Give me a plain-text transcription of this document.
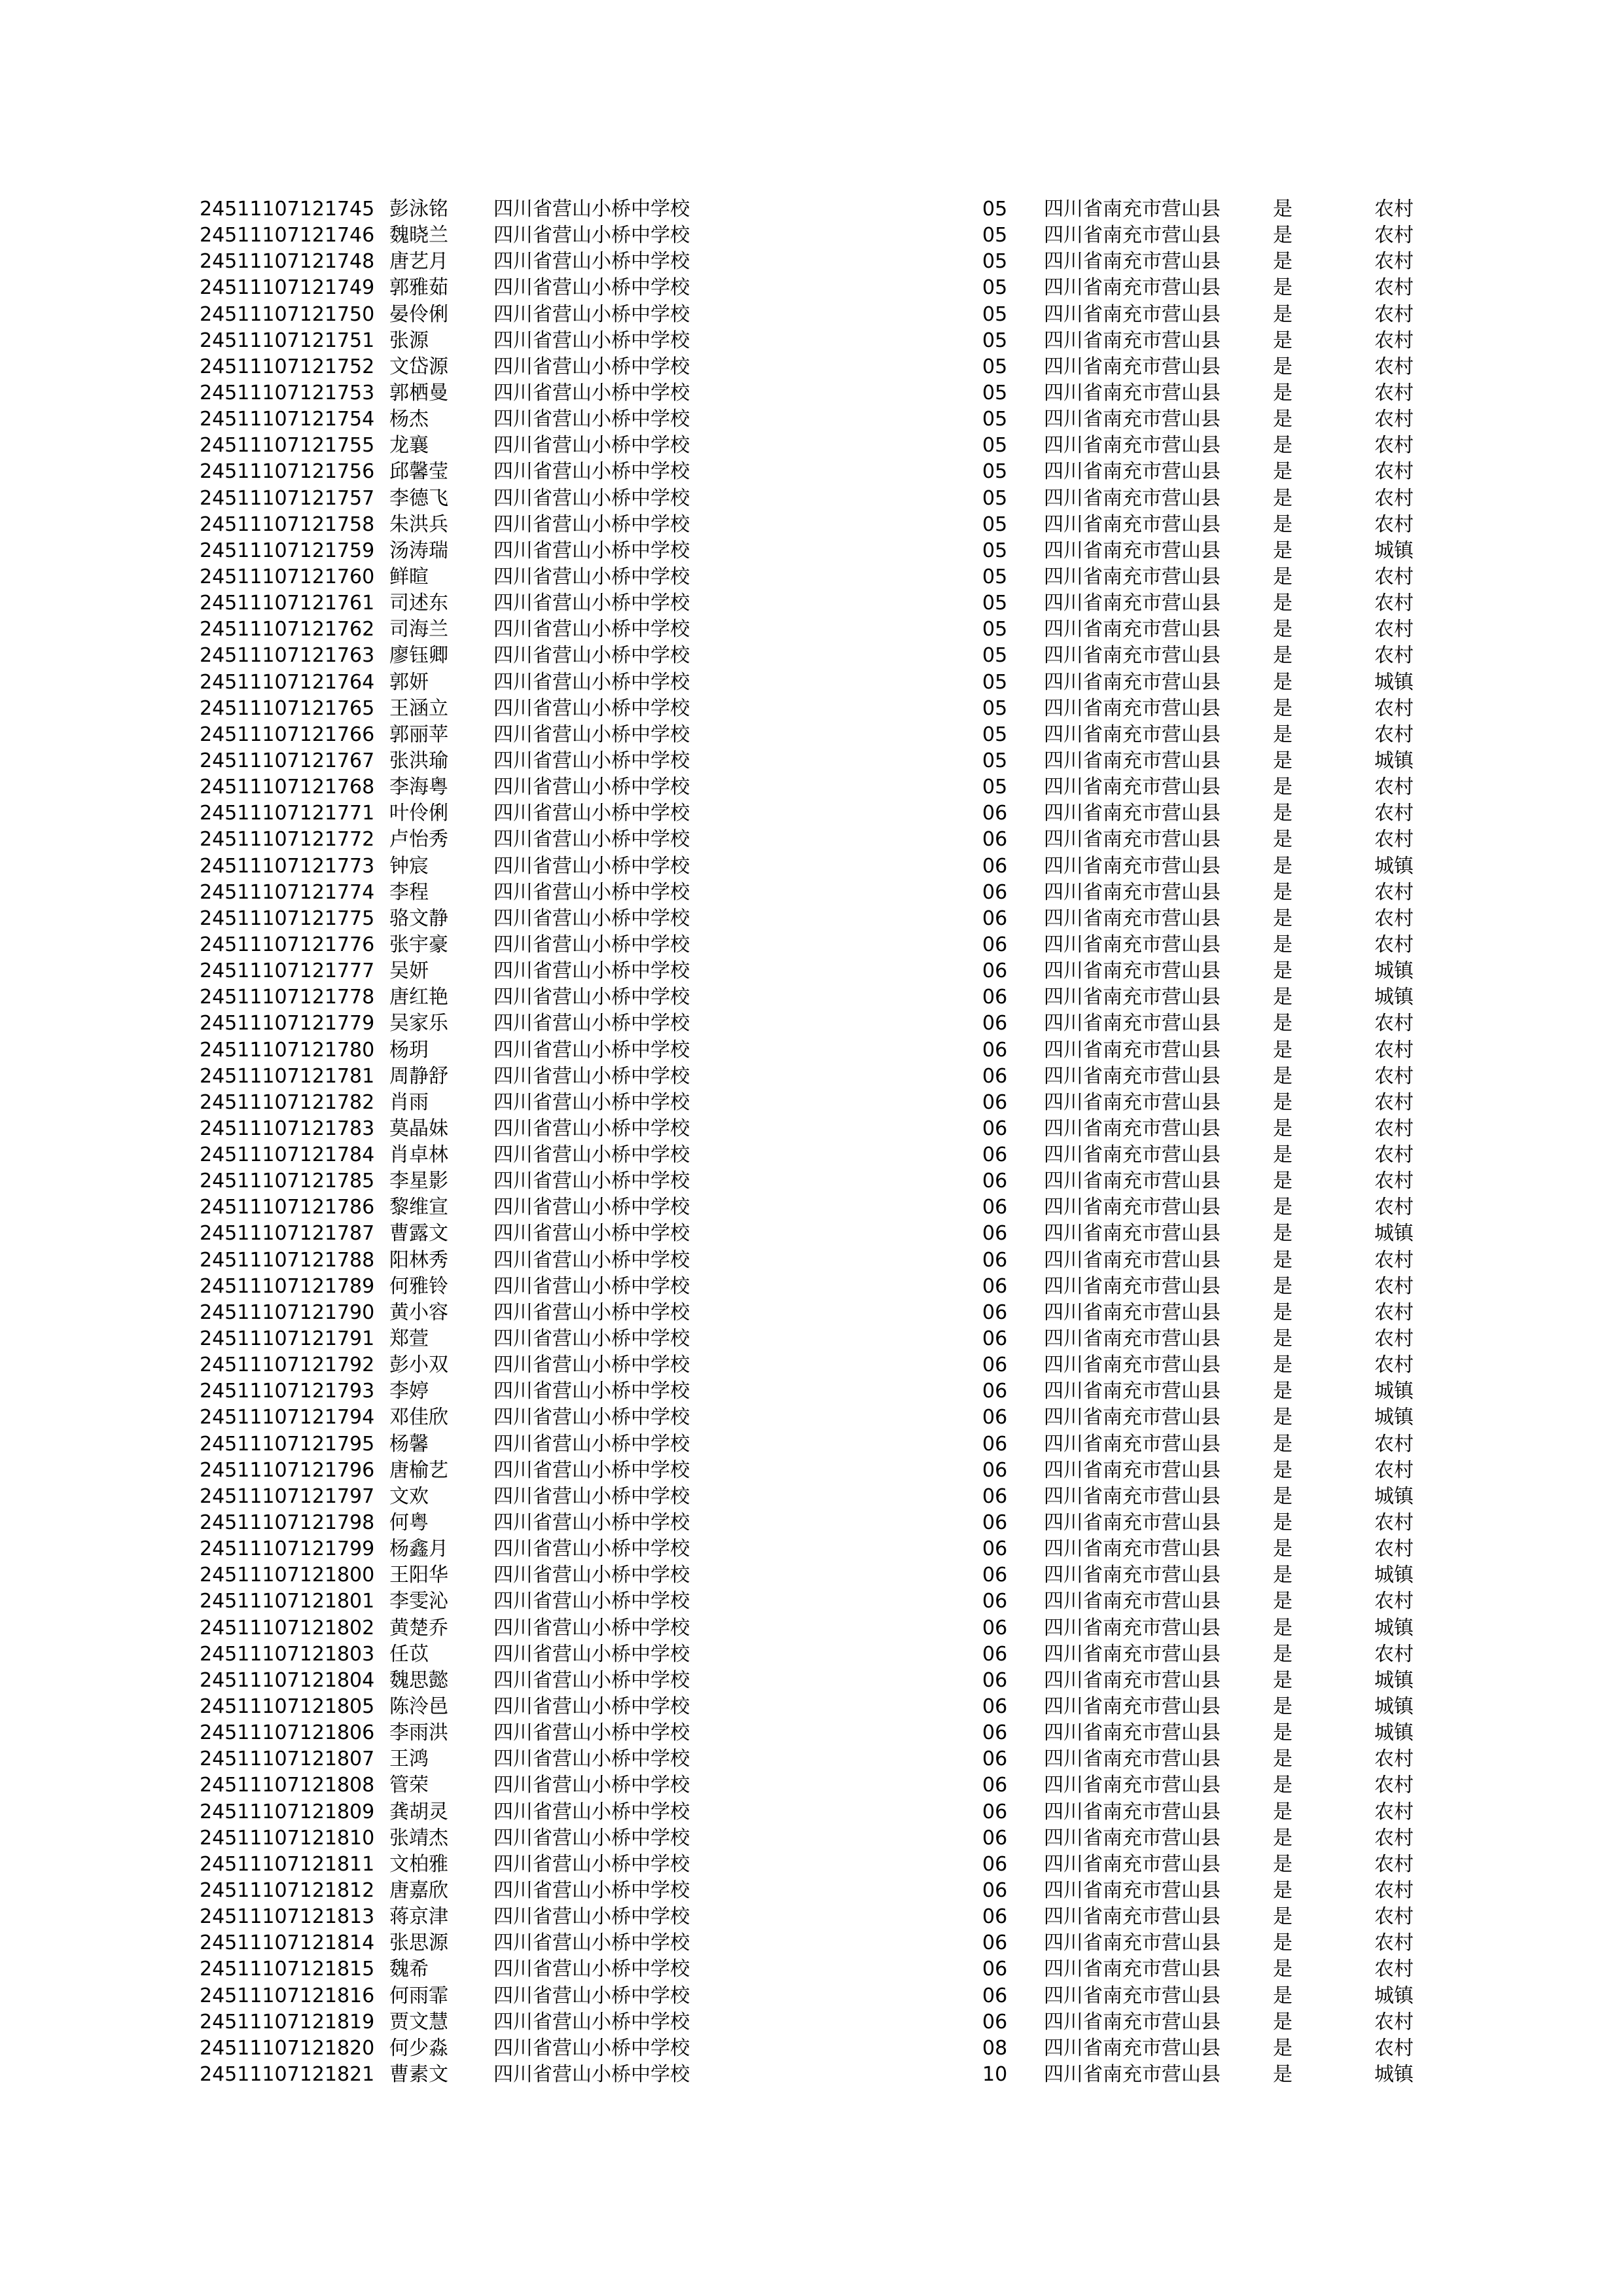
24511107121745 彭泳铭 四川省营山小桥中学校	05 四川省南充市营山县	是	农村
24511107121746 魏晓兰 四川省营山小桥中学校	05 四川省南充市营山县	是	农村
24511107121748 唐艺月 四川省营山小桥中学校	05 四川省南充市营山县	是	农村
24511107121749 郭雅茹 四川省营山小桥中学校	05 四川省南充市营山县	是	农村
24511107121750 晏伶俐 四川省营山小桥中学校	05 四川省南充市营山县	是	农村
24511107121751 张源	四川省营山小桥中学校	05 四川省南充市营山县	是	农村
24511107121752 文岱源 四川省营山小桥中学校	05 四川省南充市营山县	是	农村
24511107121753 郭栖曼 四川省营山小桥中学校	05 四川省南充市营山县	是	农村
24511107121754 杨杰	四川省营山小桥中学校	05 四川省南充市营山县	是	农村
24511107121755 龙襄	四川省营山小桥中学校	05 四川省南充市营山县	是	农村
24511107121756 邱馨莹 四川省营山小桥中学校	05 四川省南充市营山县	是	农村
24511107121757 李德飞 四川省营山小桥中学校	05 四川省南充市营山县	是	农村
24511107121758 朱洪兵 四川省营山小桥中学校	05 四川省南充市营山县	是	农村
24511107121759 汤涛瑞 四川省营山小桥中学校	05 四川省南充市营山县	是	城镇
24511107121760 鲜暄	四川省营山小桥中学校	05 四川省南充市营山县	是	农村
24511107121761 司述东 四川省营山小桥中学校	05 四川省南充市营山县	是	农村
24511107121762 司海兰 四川省营山小桥中学校	05 四川省南充市营山县	是	农村
24511107121763 廖钰卿 四川省营山小桥中学校	05 四川省南充市营山县	是	农村
24511107121764 郭妍	四川省营山小桥中学校	05 四川省南充市营山县	是	城镇
24511107121765 王涵立 四川省营山小桥中学校	05 四川省南充市营山县	是	农村
24511107121766 郭丽苹 四川省营山小桥中学校	05 四川省南充市营山县	是	农村
24511107121767 张洪瑜 四川省营山小桥中学校	05 四川省南充市营山县	是	城镇
24511107121768 李海粤 四川省营山小桥中学校	05 四川省南充市营山县	是	农村
24511107121771 叶伶俐 四川省营山小桥中学校	06 四川省南充市营山县	是	农村
24511107121772 卢怡秀 四川省营山小桥中学校	06 四川省南充市营山县	是	农村
24511107121773 钟宸	四川省营山小桥中学校	06 四川省南充市营山县	是	城镇
24511107121774 李程	四川省营山小桥中学校	06 四川省南充市营山县	是	农村
24511107121775 骆文静 四川省营山小桥中学校	06 四川省南充市营山县	是	农村
24511107121776 张宇豪 四川省营山小桥中学校	06 四川省南充市营山县	是	农村
24511107121777 吴妍	四川省营山小桥中学校	06 四川省南充市营山县	是	城镇
24511107121778 唐红艳 四川省营山小桥中学校	06 四川省南充市营山县	是	城镇
24511107121779 吴家乐 四川省营山小桥中学校	06 四川省南充市营山县	是	农村
24511107121780 杨玥	四川省营山小桥中学校	06 四川省南充市营山县	是	农村
24511107121781 周静舒 四川省营山小桥中学校	06 四川省南充市营山县	是	农村
24511107121782 肖雨	四川省营山小桥中学校	06 四川省南充市营山县	是	农村
24511107121783 莫晶妹 四川省营山小桥中学校	06 四川省南充市营山县	是	农村
24511107121784 肖卓林 四川省营山小桥中学校	06 四川省南充市营山县	是	农村
24511107121785 李星影 四川省营山小桥中学校	06 四川省南充市营山县	是	农村
24511107121786 黎维宣 四川省营山小桥中学校	06 四川省南充市营山县	是	农村
24511107121787 曹露文 四川省营山小桥中学校	06 四川省南充市营山县	是	城镇
24511107121788 阳林秀 四川省营山小桥中学校	06 四川省南充市营山县	是	农村
24511107121789 何雅铃 四川省营山小桥中学校	06 四川省南充市营山县	是	农村
24511107121790 黄小容 四川省营山小桥中学校	06 四川省南充市营山县	是	农村
24511107121791 郑萱	四川省营山小桥中学校	06 四川省南充市营山县	是	农村
24511107121792 彭小双 四川省营山小桥中学校	06 四川省南充市营山县	是	农村
24511107121793 李婷	四川省营山小桥中学校	06 四川省南充市营山县	是	城镇
24511107121794 邓佳欣 四川省营山小桥中学校	06 四川省南充市营山县	是	城镇
24511107121795 杨馨	四川省营山小桥中学校	06 四川省南充市营山县	是	农村
24511107121796 唐榆艺 四川省营山小桥中学校	06 四川省南充市营山县	是	农村
24511107121797 文欢	四川省营山小桥中学校	06 四川省南充市营山县	是	城镇
24511107121798 何粤	四川省营山小桥中学校	06 四川省南充市营山县	是	农村
24511107121799 杨鑫月 四川省营山小桥中学校	06 四川省南充市营山县	是	农村
24511107121800 王阳华 四川省营山小桥中学校	06 四川省南充市营山县	是	城镇
24511107121801 李雯沁 四川省营山小桥中学校	06 四川省南充市营山县	是	农村
24511107121802 黄楚乔 四川省营山小桥中学校	06 四川省南充市营山县	是	城镇
24511107121803 任苡	四川省营山小桥中学校	06 四川省南充市营山县	是	农村
24511107121804 魏思懿 四川省营山小桥中学校	06 四川省南充市营山县	是	城镇
24511107121805 陈泠邑 四川省营山小桥中学校	06 四川省南充市营山县	是	城镇
24511107121806 李雨洪 四川省营山小桥中学校	06 四川省南充市营山县	是	城镇
24511107121807 王鸿	四川省营山小桥中学校	06 四川省南充市营山县	是	农村
24511107121808 管荣	四川省营山小桥中学校	06 四川省南充市营山县	是	农村
24511107121809 龚胡灵 四川省营山小桥中学校	06 四川省南充市营山县	是	农村
24511107121810 张靖杰 四川省营山小桥中学校	06 四川省南充市营山县	是	农村
24511107121811 文柏雅 四川省营山小桥中学校	06 四川省南充市营山县	是	农村
24511107121812 唐嘉欣 四川省营山小桥中学校	06 四川省南充市营山县	是	农村
24511107121813 蒋京津 四川省营山小桥中学校	06 四川省南充市营山县	是	农村
24511107121814 张思源 四川省营山小桥中学校	06 四川省南充市营山县	是	农村
24511107121815 魏希	四川省营山小桥中学校	06 四川省南充市营山县	是	农村
24511107121816 何雨霏 四川省营山小桥中学校	06 四川省南充市营山县	是	城镇
24511107121819 贾文慧 四川省营山小桥中学校	06 四川省南充市营山县	是	农村
24511107121820 何少淼 四川省营山小桥中学校	08 四川省南充市营山县	是	农村
24511107121821 曹素文 四川省营山小桥中学校	10 四川省南充市营山县	是	城镇
